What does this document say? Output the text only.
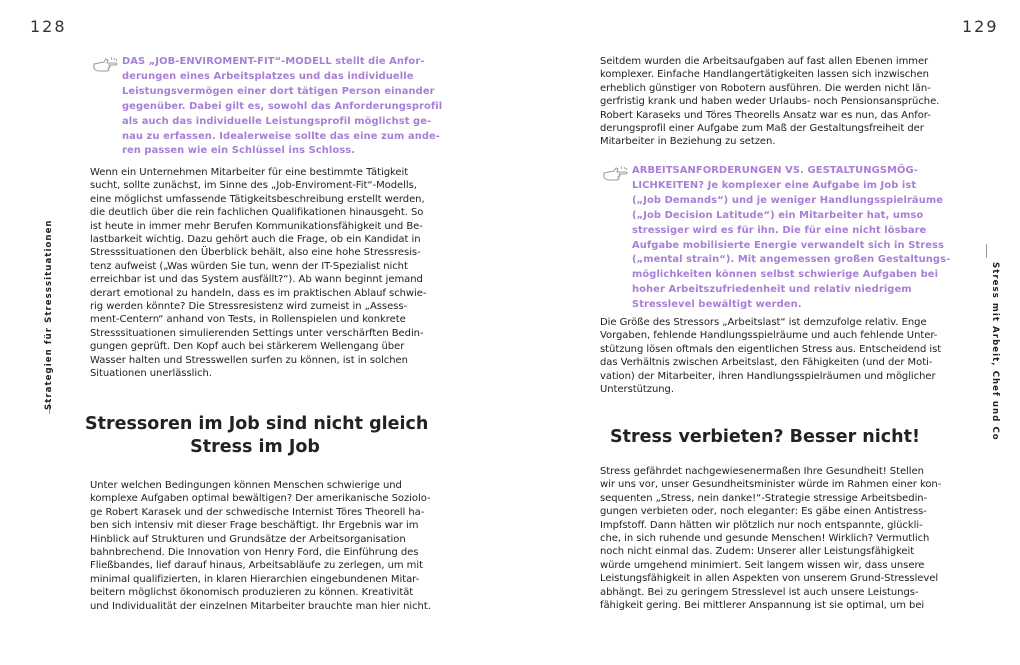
128
Strategien für Stresssituationen
DAS „JOB-ENVIROMENT-FIT“-MODELL stellt die Anfor-
derungen eines Arbeitsplatzes und das individuelle
Leistungsvermögen einer dort tätigen Person einander
gegenüber. Dabei gilt es, sowohl das Anforderungsprofil
als auch das individuelle Leistungsprofil möglichst ge-
nau zu erfassen. Idealerweise sollte das eine zum ande-
ren passen wie ein Schlüssel ins Schloss.
Wenn ein Unternehmen Mitarbeiter für eine bestimmte Tätigkeit
sucht, sollte zunächst, im Sinne des „Job-Enviroment-Fit“-Modells,
eine möglichst umfassende Tätigkeitsbeschreibung erstellt werden,
die deutlich über die rein fachlichen Qualifikationen hinausgeht. So
ist heute in immer mehr Berufen Kommunikationsfähigkeit und Be-
lastbarkeit wichtig. Dazu gehört auch die Frage, ob ein Kandidat in
Stresssituationen den Überblick behält, also eine hohe Stressresis-
tenz aufweist („Was würden Sie tun, wenn der IT-Spezialist nicht
erreichbar ist und das System ausfällt?“). Ab wann beginnt jemand
derart emotional zu handeln, dass es im praktischen Ablauf schwie-
rig werden könnte? Die Stressresistenz wird zumeist in „Assess-
ment-Centern“ anhand von Tests, in Rollenspielen und konkrete
Stresssituationen simulierenden Settings unter verschärften Bedin-
gungen geprüft. Den Kopf auch bei stärkerem Wellengang über
Wasser halten und Stresswellen surfen zu können, ist in solchen
Situationen unerlässlich.
Stressoren im Job sind nicht gleich
Stress im Job
Unter welchen Bedingungen können Menschen schwierige und
komplexe Aufgaben optimal bewältigen? Der amerikanische Soziolo-
ge Robert Karasek und der schwedische Internist Töres Theorell ha-
ben sich intensiv mit dieser Frage beschäftigt. Ihr Ergebnis war im
Hinblick auf Strukturen und Grundsätze der Arbeitsorganisation
bahnbrechend. Die Innovation von Henry Ford, die Einführung des
Fließbandes, lief darauf hinaus, Arbeitsabläufe zu zerlegen, um mit
minimal qualifizierten, in klaren Hierarchien eingebundenen Mitar-
beitern möglichst ökonomisch produzieren zu können. Kreativität
und Individualität der einzelnen Mitarbeiter brauchte man hier nicht.
129
Stress mit Arbeit, Chef und Co
Seitdem wurden die Arbeitsaufgaben auf fast allen Ebenen immer
komplexer. Einfache Handlangertätigkeiten lassen sich inzwischen
erheblich günstiger von Robotern ausführen. Die werden nicht län-
gerfristig krank und haben weder Urlaubs- noch Pensionsansprüche.
Robert Karaseks und Töres Theorells Ansatz war es nun, das Anfor-
derungsprofil einer Aufgabe zum Maß der Gestaltungsfreiheit der
Mitarbeiter in Beziehung zu setzen.
ARBEITSANFORDERUNGEN VS. GESTALTUNGSMÖG-
LICHKEITEN? Je komplexer eine Aufgabe im Job ist
(„Job Demands“) und je weniger Handlungsspielräume
(„Job Decision Latitude“) ein Mitarbeiter hat, umso
stressiger wird es für ihn. Die für eine nicht lösbare
Aufgabe mobilisierte Energie verwandelt sich in Stress
(„mental strain“). Mit angemessen großen Gestaltungs-
möglichkeiten können selbst schwierige Aufgaben bei
hoher Arbeitszufriedenheit und relativ niedrigem
Stresslevel bewältigt werden.
Die Größe des Stressors „Arbeitslast“ ist demzufolge relativ. Enge
Vorgaben, fehlende Handlungsspielräume und auch fehlende Unter-
stützung lösen oftmals den eigentlichen Stress aus. Entscheidend ist
das Verhältnis zwischen Arbeitslast, den Fähigkeiten (und der Moti-
vation) der Mitarbeiter, ihren Handlungsspielräumen und möglicher
Unterstützung.
Stress verbieten? Besser nicht!
Stress gefährdet nachgewiesenermaßen Ihre Gesundheit! Stellen
wir uns vor, unser Gesundheitsminister würde im Rahmen einer kon-
sequenten „Stress, nein danke!“-Strategie stressige Arbeitsbedin-
gungen verbieten oder, noch eleganter: Es gäbe einen Antistress-
Impfstoff. Dann hätten wir plötzlich nur noch entspannte, glückli-
che, in sich ruhende und gesunde Menschen! Wirklich? Vermutlich
noch nicht einmal das. Zudem: Unserer aller Leistungsfähigkeit
würde umgehend minimiert. Seit langem wissen wir, dass unsere
Leistungsfähigkeit in allen Aspekten von unserem Grund-Stresslevel
abhängt. Bei zu geringem Stresslevel ist auch unsere Leistungs-
fähigkeit gering. Bei mittlerer Anspannung ist sie optimal, um bei
